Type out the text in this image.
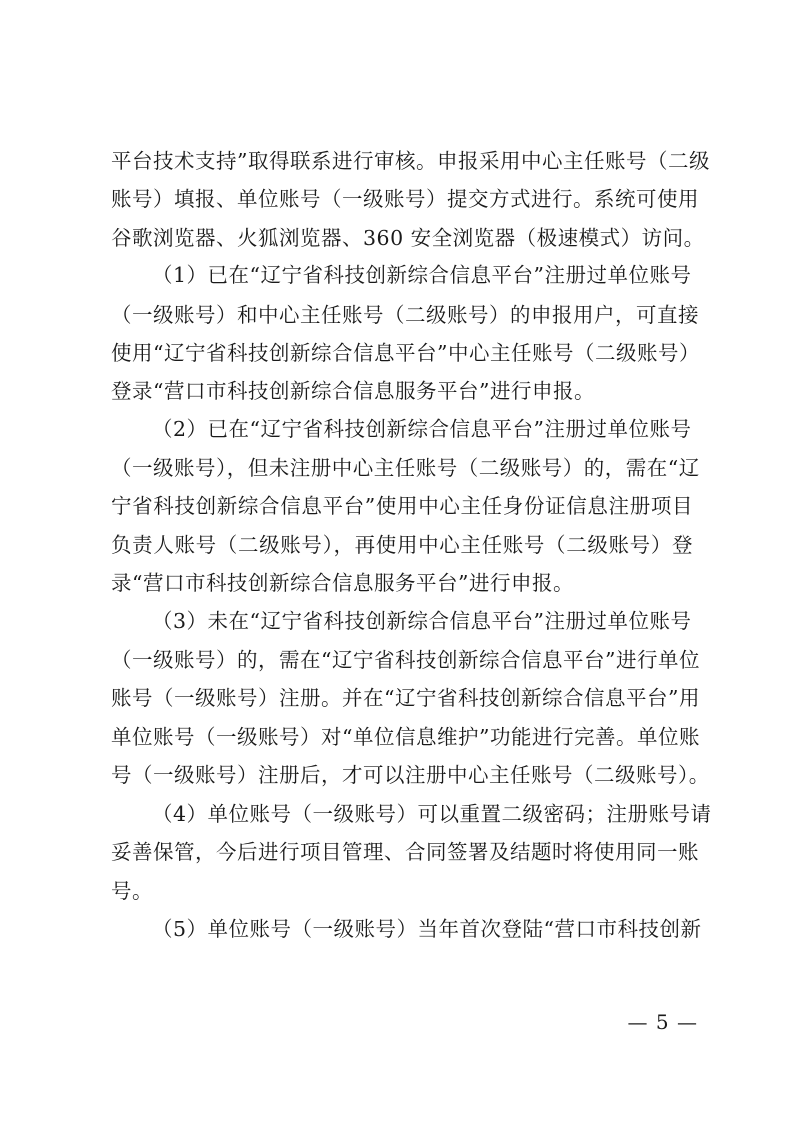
平台技术支持”取得联系进行审核。申报采用中心主任账号（二级
账号）填报、单位账号（一级账号）提交方式进行。系统可使用
谷歌浏览器、火狐浏览器、360 安全浏览器（极速模式）访问。
（1）已在“辽宁省科技创新综合信息平台”注册过单位账号
（一级账号）和中心主任账号（二级账号）的申报用户，可直接
使用“辽宁省科技创新综合信息平台”中心主任账号（二级账号）
登录“营口市科技创新综合信息服务平台”进行申报。
（2）已在“辽宁省科技创新综合信息平台”注册过单位账号
（一级账号），但未注册中心主任账号（二级账号）的，需在“辽
宁省科技创新综合信息平台”使用中心主任身份证信息注册项目
负责人账号（二级账号），再使用中心主任账号（二级账号）登
录“营口市科技创新综合信息服务平台”进行申报。
（3）未在“辽宁省科技创新综合信息平台”注册过单位账号
（一级账号）的，需在“辽宁省科技创新综合信息平台”进行单位
账号（一级账号）注册。并在“辽宁省科技创新综合信息平台”用
单位账号（一级账号）对“单位信息维护”功能进行完善。单位账
号（一级账号）注册后，才可以注册中心主任账号（二级账号）。
（4）单位账号（一级账号）可以重置二级密码；注册账号请
妥善保管，今后进行项目管理、合同签署及结题时将使用同一账
号。
（5）单位账号（一级账号）当年首次登陆“营口市科技创新
— 5 —
